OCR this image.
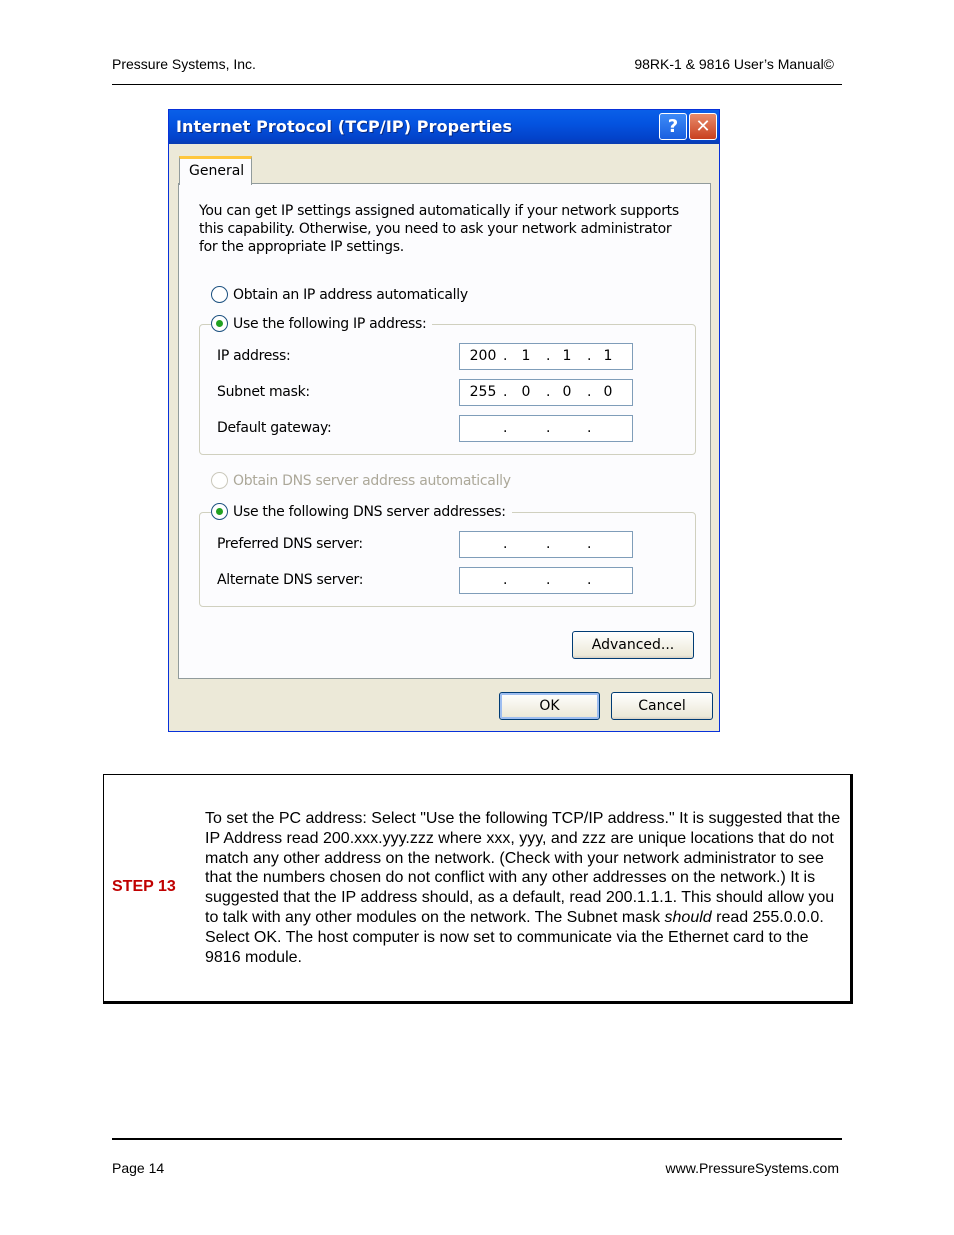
Pressure Systems, Inc.	98RK-1 & 9816 User’s Manual©
Internet Protocol (TCP/IP) Properties	? ✕
General
You can get IP settings assigned automatically if your network supports this capability. Otherwise, you need to ask your network administrator for the appropriate IP settings.
Obtain an IP address automatically
IP address:	200 .	1	. 1	. 1
Subnet mask:	255 .	0	. 0	. 0
Default gateway:	.	.	.
Use the following IP address:
Obtain DNS server address automatically
Preferred DNS server:	.	.	.
Alternate DNS server:	.	.	.
Use the following DNS server addresses:
Advanced...
OK	Cancel
STEP 13
To set the PC address: Select "Use the following TCP/IP address." It is suggested that the IP Address read 200.xxx.yyy.zzz where xxx, yyy, and zzz are unique locations that do not match any other address on the network. (Check with your network administrator to see that the numbers chosen do not conflict with any other addresses on the network.) It is suggested that the IP address should, as a default, read 200.1.1.1. This should allow you to talk with any other modules on the network. The Subnet mask should read 255.0.0.0. Select OK. The host computer is now set to communicate via the Ethernet card to the 9816 module.
Page 14	www.PressureSystems.com
